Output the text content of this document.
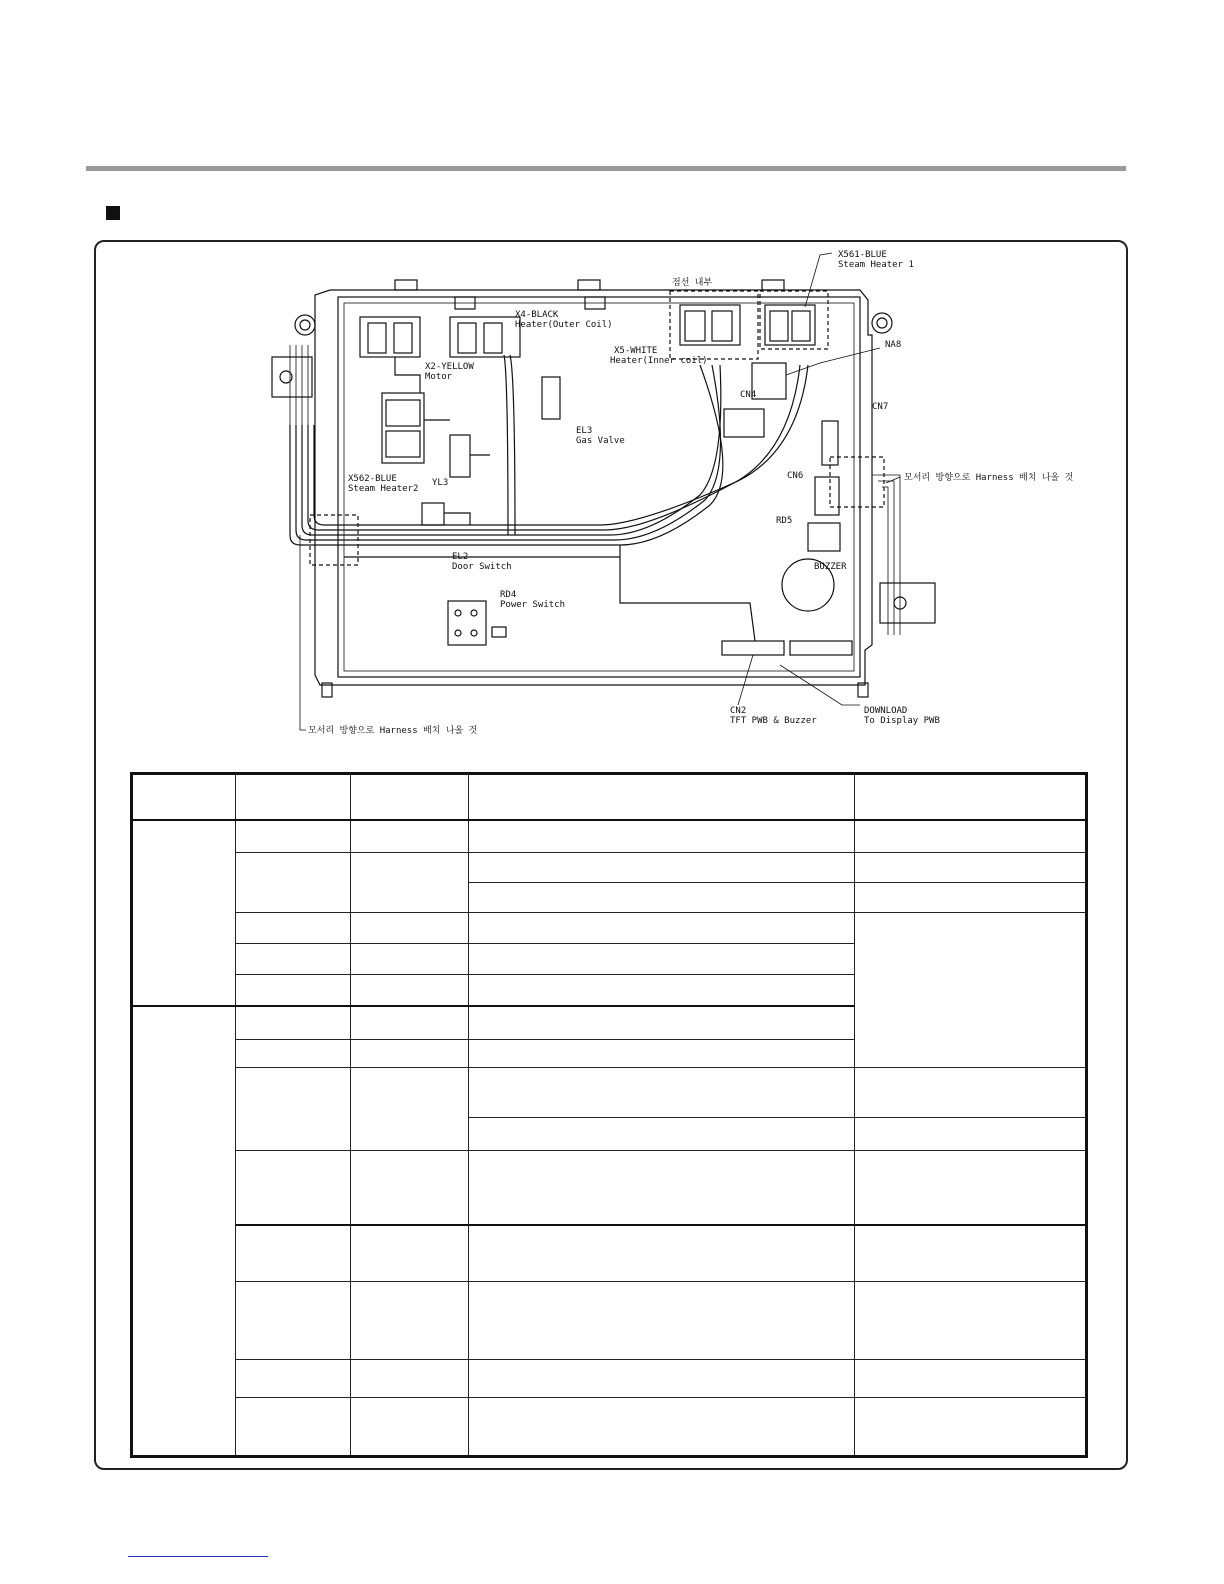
X561-BLUE
Steam Heater 1
점선 내부
X4-BLACK
Heater(Outer Coil)
X5-WHITE
Heater(Inner coil)
NA8
X2-YELLOW
Motor
CN4
CN7
EL3
Gas Valve
X562-BLUE
Steam Heater2
YL3
CN6	모서리 방향으로 Harness 배치 나올 것
RD5
EL2
Door Switch	BUZZER
RD4
Power Switch
CN2
TFT PWB & Buzzer
DOWNLOAD
To Display PWB
모서리 방향으로 Harness 배치 나올 것
